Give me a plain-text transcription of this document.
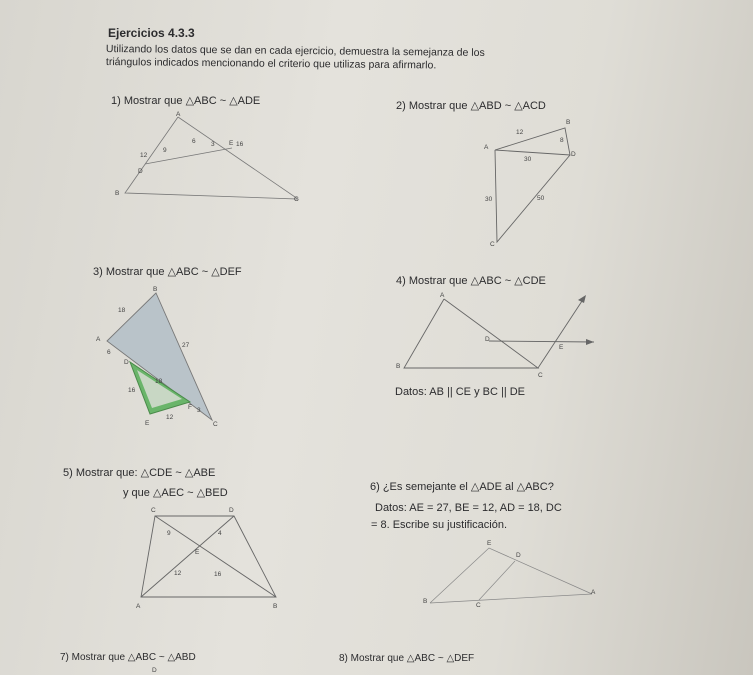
Ejercicios 4.3.3
Utilizando los datos que se dan en cada ejercicio, demuestra la semejanza de los
triángulos indicados mencionando el criterio que utilizas para afirmarlo.
1) Mostrar que △ABC ~ △ADE
A
B
C
D
E
12
9
6 3	16
2) Mostrar que △ABD ~ △ACD
A
B
C
D
12
8
30
30	50
3) Mostrar que △ABC ~ △DEF
B
A
C
D
E
F
18
27
6
16
18
12
3
4) Mostrar que △ABC ~ △CDE
A
B
C
D
E
Datos: AB || CE y BC || DE
5) Mostrar que: △CDE ~ △ABE
y que △AEC ~ △BED
C	D
A	B
E
9	4
12	16
6) ¿Es semejante el △ADE al △ABC?
Datos: AE = 27, BE = 12, AD = 18, DC
= 8. Escribe su justificación.
E
D
B
C
A
7) Mostrar que △ABC ~ △ABD
D
8) Mostrar que △ABC ~ △DEF
